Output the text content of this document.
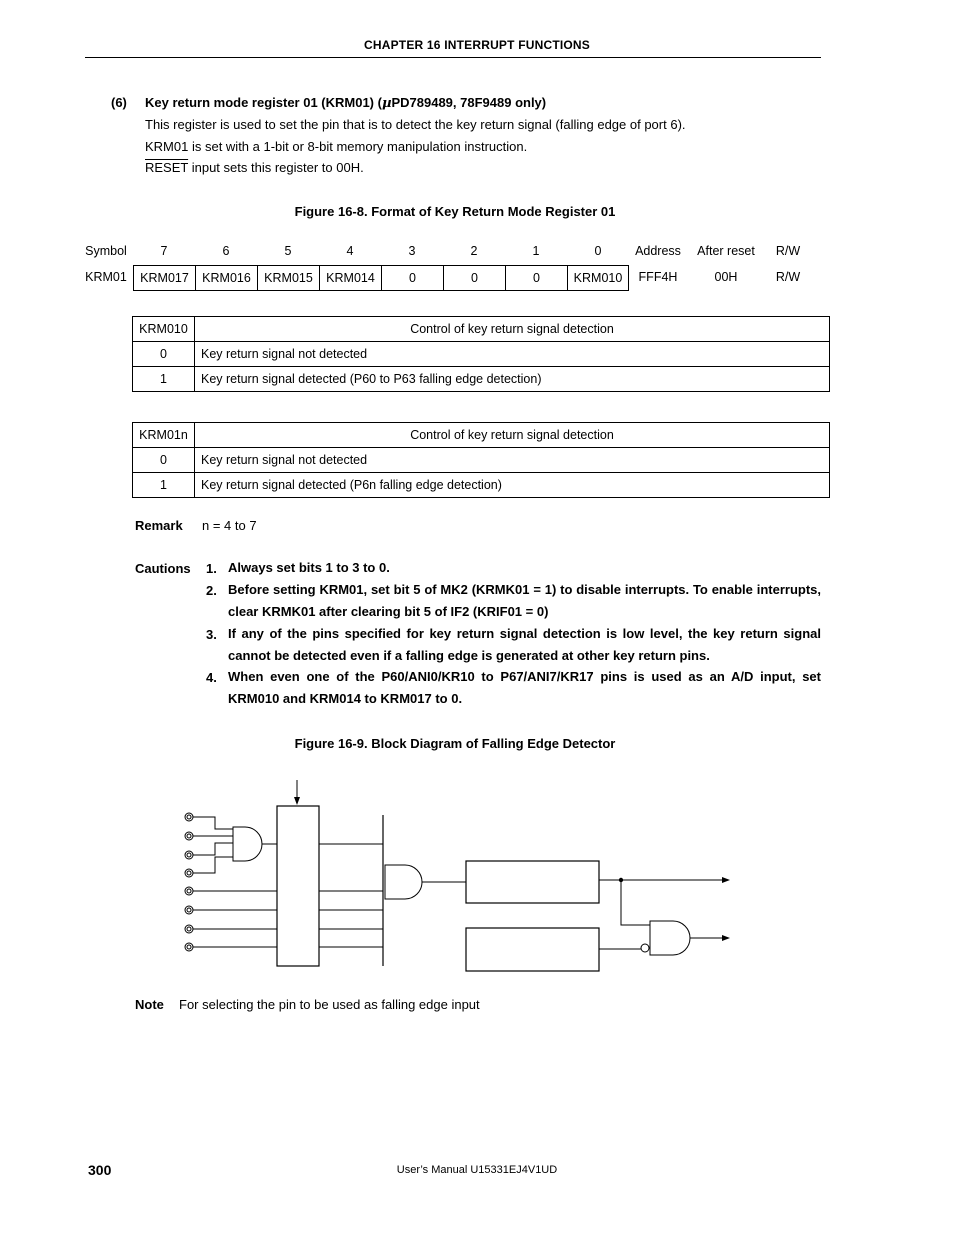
CHAPTER 16 INTERRUPT FUNCTIONS
(6) Key return mode register 01 (KRM01) (µPD789489, 78F9489 only)
This register is used to set the pin that is to detect the key return signal (falling edge of port 6).
KRM01 is set with a 1-bit or 8-bit memory manipulation instruction.
RESET input sets this register to 00H.
Figure 16-8. Format of Key Return Mode Register 01
Symbol	7	6	5	4	3	2	1	0	Address	After reset	R/W
KRM01	KRM017	KRM016	KRM015	KRM014	0	0	0	KRM010	FFF4H	00H	R/W
KRM010	Control of key return signal detection
0	Key return signal not detected
1	Key return signal detected (P60 to P63 falling edge detection)
KRM01n	Control of key return signal detection
0	Key return signal not detected
1	Key return signal detected (P6n falling edge detection)
Remark n = 4 to 7
Cautions 1. Always set bits 1 to 3 to 0.
2. Before setting KRM01, set bit 5 of MK2 (KRMK01 = 1) to disable interrupts. To enable interrupts, clear KRMK01 after clearing bit 5 of IF2 (KRIF01 = 0)
3. If any of the pins specified for key return signal detection is low level, the key return signal cannot be detected even if a falling edge is generated at other key return pins.
4. When even one of the P60/ANI0/KR10 to P67/ANI7/KR17 pins is used as an A/D input, set KRM010 and KRM014 to KRM017 to 0.
Figure 16-9. Block Diagram of Falling Edge Detector
Note For selecting the pin to be used as falling edge input
300	User’s Manual U15331EJ4V1UD
